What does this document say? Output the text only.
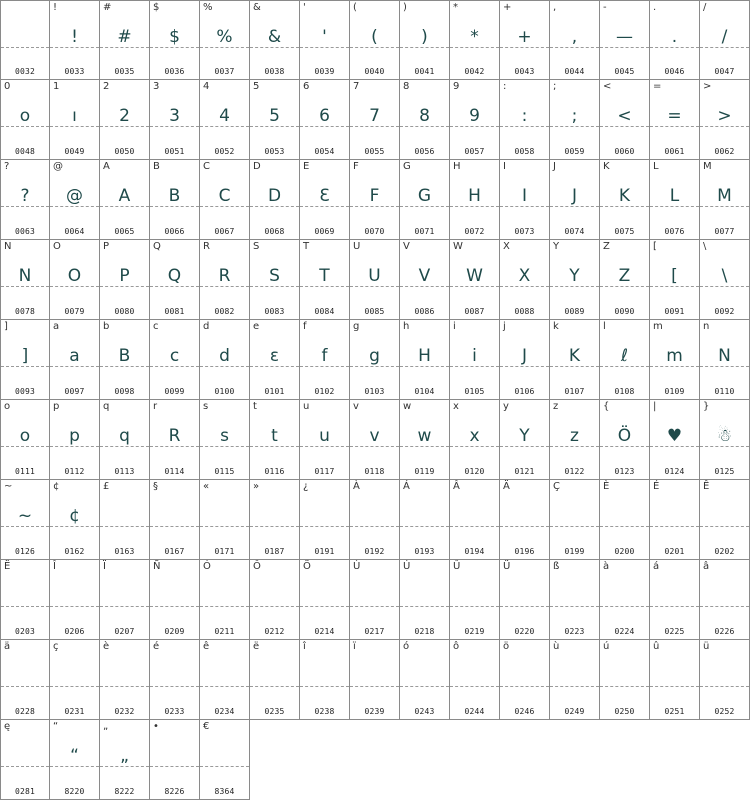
0032
!
!
0033
#
#
0035
$
$
0036
%
%
0037
&
&
0038
'
'
0039
(
(
0040
)
)
0041
*
*
0042
+
+
0043
,
,
0044
-
—
0045
.
.
0046
/
/
0047
0
o
0048
1
ı
0049
2
2
0050
3
3
0051
4
4
0052
5
5
0053
6
6
0054
7
7
0055
8
8
0056
9
9
0057
:
:
0058
;
;
0059
<
<
0060
=
=
0061
>
>
0062
?
?
0063
@
@
0064
A
A
0065
B
B
0066
C
C
0067
D
D
0068
E
Ɛ
0069
F
F
0070
G
G
0071
H
H
0072
I
I
0073
J
J
0074
K
K
0075
L
L
0076
M
M
0077
N
N
0078
O
O
0079
P
P
0080
Q
Q
0081
R
R
0082
S
S
0083
T
T
0084
U
U
0085
V
V
0086
W
W
0087
X
X
0088
Y
Y
0089
Z
Z
0090
[
[
0091
\
\
0092
]
]
0093
a
a
0097
b
B
0098
c
c
0099
d
d
0100
e
ɛ
0101
f
f
0102
g
g
0103
h
H
0104
i
i
0105
j
J
0106
k
K
0107
l
ℓ
0108
m
m
0109
n
N
0110
o
o
0111
p
p
0112
q
q
0113
r
R
0114
s
s
0115
t
t
0116
u
u
0117
v
v
0118
w
w
0119
x
x
0120
y
Y
0121
z
z
0122
{
Ö
0123
|
♥
0124
}
☃
0125
~
~
0126
¢
¢
0162
£
0163
§
0167
«
0171
»
0187
¿
0191
À
0192
Á
0193
Â
0194
Ä
0196
Ç
0199
È
0200
É
0201
Ê
0202
Ë
0203
Î
0206
Ï
0207
Ñ
0209
Ó
0211
Ô
0212
Ö
0214
Ù
0217
Ú
0218
Û
0219
Ü
0220
ß
0223
à
0224
á
0225
â
0226
ä
0228
ç
0231
è
0232
é
0233
ê
0234
ë
0235
î
0238
ï
0239
ó
0243
ô
0244
ö
0246
ù
0249
ú
0250
û
0251
ü
0252
ę
0281
“
“
8220
„
„
8222
•
8226
€
8364
